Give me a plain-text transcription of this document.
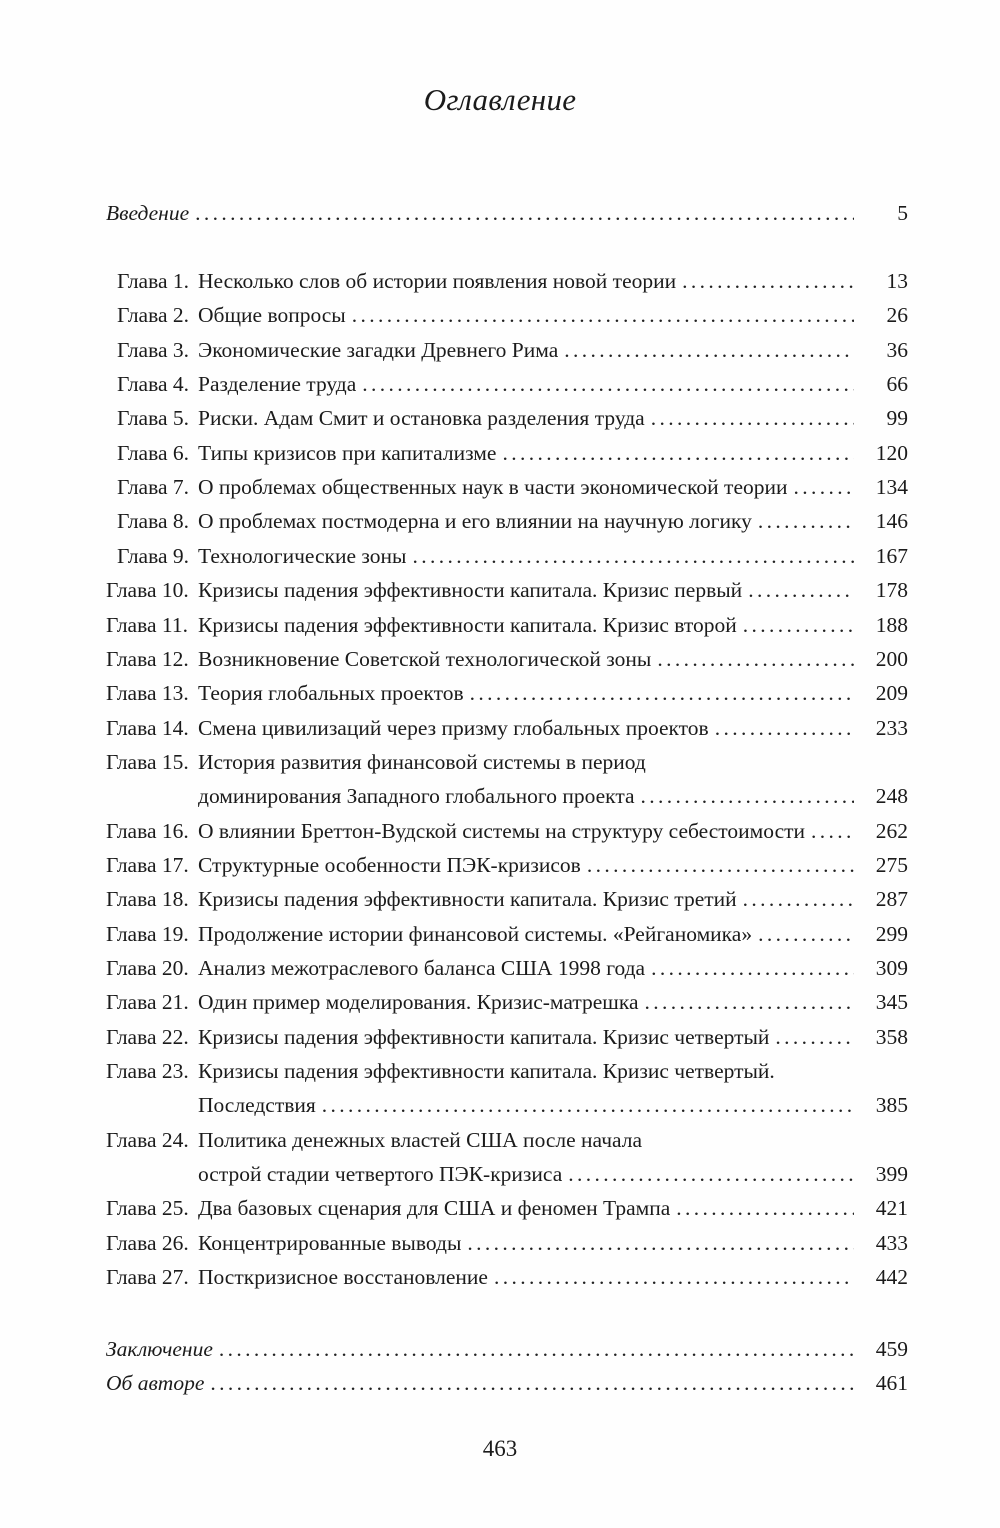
Оглавление
Введение . . .	5
Глава 1. Несколько слов об истории появления новой теории . . .	13
Глава 2. Общие вопросы . . .	26
Глава 3. Экономические загадки Древнего Рима . . .	36
Глава 4. Разделение труда . . .	66
Глава 5. Риски. Адам Смит и остановка разделения труда . . .	99
Глава 6. Типы кризисов при капитализме . . .	120
Глава 7. О проблемах общественных наук в части экономической теории . . .	134
Глава 8. О проблемах постмодерна и его влиянии на научную логику . . .	146
Глава 9. Технологические зоны . . .	167
Глава 10. Кризисы падения эффективности капитала. Кризис первый . . .	178
Глава 11. Кризисы падения эффективности капитала. Кризис второй . . .	188
Глава 12. Возникновение Советской технологической зоны . . .	200
Глава 13. Теория глобальных проектов . . .	209
Глава 14. Смена цивилизаций через призму глобальных проектов . . .	233
Глава 15. История развития финансовой системы в период
доминирования Западного глобального проекта . . .	248
Глава 16. О влиянии Бреттон-Вудской системы на структуру себестоимости . . .	262
Глава 17. Структурные особенности ПЭК-кризисов . . .	275
Глава 18. Кризисы падения эффективности капитала. Кризис третий . . .	287
Глава 19. Продолжение истории финансовой системы. «Рейганомика» . . .	299
Глава 20. Анализ межотраслевого баланса США 1998 года . . .	309
Глава 21. Один пример моделирования. Кризис-матрешка . . .	345
Глава 22. Кризисы падения эффективности капитала. Кризис четвертый . . .	358
Глава 23. Кризисы падения эффективности капитала. Кризис четвертый.
Последствия . . .	385
Глава 24. Политика денежных властей США после начала
острой стадии четвертого ПЭК-кризиса . . .	399
Глава 25. Два базовых сценария для США и феномен Трампа . . .	421
Глава 26. Концентрированные выводы . . .	433
Глава 27. Посткризисное восстановление . . .	442
Заключение . . .	459
Об авторе . . .	461
463
